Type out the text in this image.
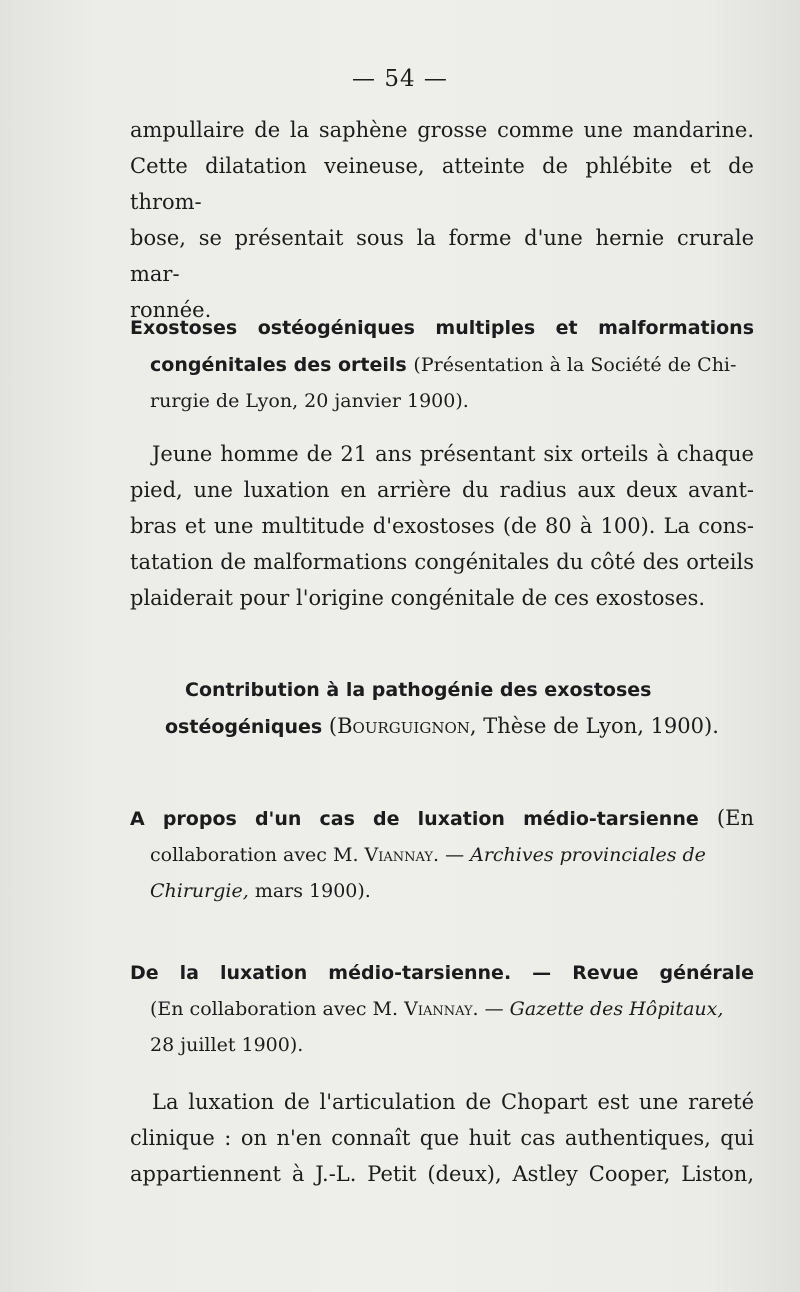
— 54 —
ampullaire de la saphène grosse comme une mandarine.
Cette dilatation veineuse, atteinte de phlébite et de throm-
bose, se présentait sous la forme d'une hernie crurale mar-
ronnée.
Exostoses ostéogéniques multiples et malformations
congénitales des orteils (Présentation à la Société de Chi-
rurgie de Lyon, 20 janvier 1900).
Jeune homme de 21 ans présentant six orteils à chaque
pied, une luxation en arrière du radius aux deux avant-
bras et une multitude d'exostoses (de 80 à 100). La cons-
tatation de malformations congénitales du côté des orteils
plaiderait pour l'origine congénitale de ces exostoses.
Contribution à la pathogénie des exostoses
ostéogéniques (Bourguignon, Thèse de Lyon, 1900).
A propos d'un cas de luxation médio-tarsienne (En
collaboration avec M. Viannay. — Archives provinciales de
Chirurgie, mars 1900).
De la luxation médio-tarsienne. — Revue générale
(En collaboration avec M. Viannay. — Gazette des Hôpitaux,
28 juillet 1900).
La luxation de l'articulation de Chopart est une rareté
clinique : on n'en connaît que huit cas authentiques, qui
appartiennent à J.-L. Petit (deux), Astley Cooper, Liston,
